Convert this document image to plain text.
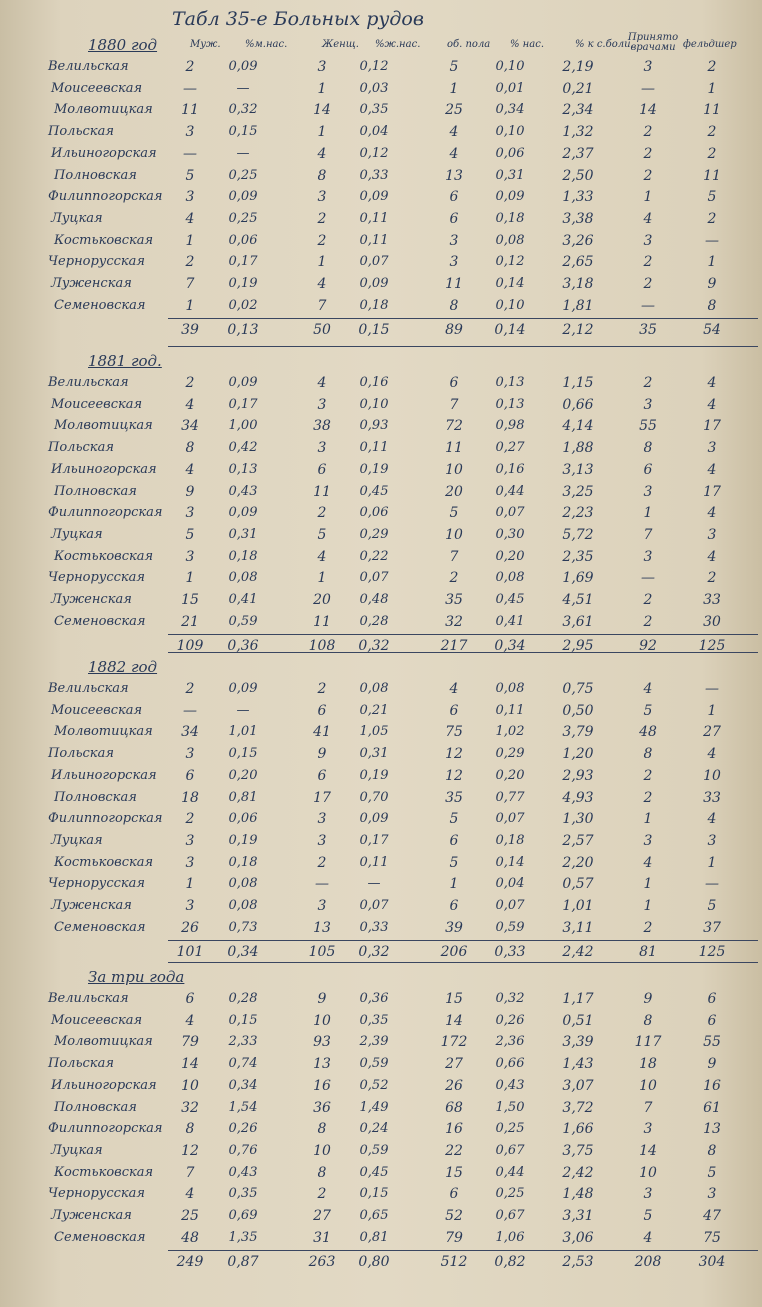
Табл 35-е Больных рудов
Муж. %м.нас.	Женщ. %ж.нас.	об. пола % нас.	% к с.боли.
Принято врачами фельдшер
1880 год
Велильская	2	0,09	3	0,12	5	0,10	2,19	3	2
Моисеевская	—	—	1	0,03	1	0,01	0,21	—	1
Молвотицкая	11	0,32	14	0,35	25	0,34	2,34	14	11
Польская	3	0,15	1	0,04	4	0,10	1,32	2	2
Ильиногорская	—	—	4	0,12	4	0,06	2,37	2	2
Полновская	5	0,25	8	0,33	13	0,31	2,50	2	11
Филиппогорская	3	0,09	3	0,09	6	0,09	1,33	1	5
Луцкая	4	0,25	2	0,11	6	0,18	3,38	4	2
Костьковская	1	0,06	2	0,11	3	0,08	3,26	3	—
Чернорусская	2	0,17	1	0,07	3	0,12	2,65	2	1
Луженская	7	0,19	4	0,09	11	0,14	3,18	2	9
Семеновская	1	0,02	7	0,18	8	0,10	1,81	—	8
39	0,13	50	0,15	89	0,14	2,12	35	54
1881 год.
Велильская	2	0,09	4	0,16	6	0,13	1,15	2	4
Моисеевская	4	0,17	3	0,10	7	0,13	0,66	3	4
Молвотицкая	34	1,00	38	0,93	72	0,98	4,14	55	17
Польская	8	0,42	3	0,11	11	0,27	1,88	8	3
Ильиногорская	4	0,13	6	0,19	10	0,16	3,13	6	4
Полновская	9	0,43	11	0,45	20	0,44	3,25	3	17
Филиппогорская	3	0,09	2	0,06	5	0,07	2,23	1	4
Луцкая	5	0,31	5	0,29	10	0,30	5,72	7	3
Костьковская	3	0,18	4	0,22	7	0,20	2,35	3	4
Чернорусская	1	0,08	1	0,07	2	0,08	1,69	—	2
Луженская	15	0,41	20	0,48	35	0,45	4,51	2	33
Семеновская	21	0,59	11	0,28	32	0,41	3,61	2	30
109	0,36	108	0,32	217	0,34	2,95	92	125
1882 год
Велильская	2	0,09	2	0,08	4	0,08	0,75	4	—
Моисеевская	—	—	6	0,21	6	0,11	0,50	5	1
Молвотицкая	34	1,01	41	1,05	75	1,02	3,79	48	27
Польская	3	0,15	9	0,31	12	0,29	1,20	8	4
Ильиногорская	6	0,20	6	0,19	12	0,20	2,93	2	10
Полновская	18	0,81	17	0,70	35	0,77	4,93	2	33
Филиппогорская	2	0,06	3	0,09	5	0,07	1,30	1	4
Луцкая	3	0,19	3	0,17	6	0,18	2,57	3	3
Костьковская	3	0,18	2	0,11	5	0,14	2,20	4	1
Чернорусская	1	0,08	—	—	1	0,04	0,57	1	—
Луженская	3	0,08	3	0,07	6	0,07	1,01	1	5
Семеновская	26	0,73	13	0,33	39	0,59	3,11	2	37
101	0,34	105	0,32	206	0,33	2,42	81	125
За три года
Велильская	6	0,28	9	0,36	15	0,32	1,17	9	6
Моисеевская	4	0,15	10	0,35	14	0,26	0,51	8	6
Молвотицкая	79	2,33	93	2,39	172	2,36	3,39	117	55
Польская	14	0,74	13	0,59	27	0,66	1,43	18	9
Ильиногорская	10	0,34	16	0,52	26	0,43	3,07	10	16
Полновская	32	1,54	36	1,49	68	1,50	3,72	7	61
Филиппогорская	8	0,26	8	0,24	16	0,25	1,66	3	13
Луцкая	12	0,76	10	0,59	22	0,67	3,75	14	8
Костьковская	7	0,43	8	0,45	15	0,44	2,42	10	5
Чернорусская	4	0,35	2	0,15	6	0,25	1,48	3	3
Луженская	25	0,69	27	0,65	52	0,67	3,31	5	47
Семеновская	48	1,35	31	0,81	79	1,06	3,06	4	75
249	0,87	263	0,80	512	0,82	2,53	208	304
